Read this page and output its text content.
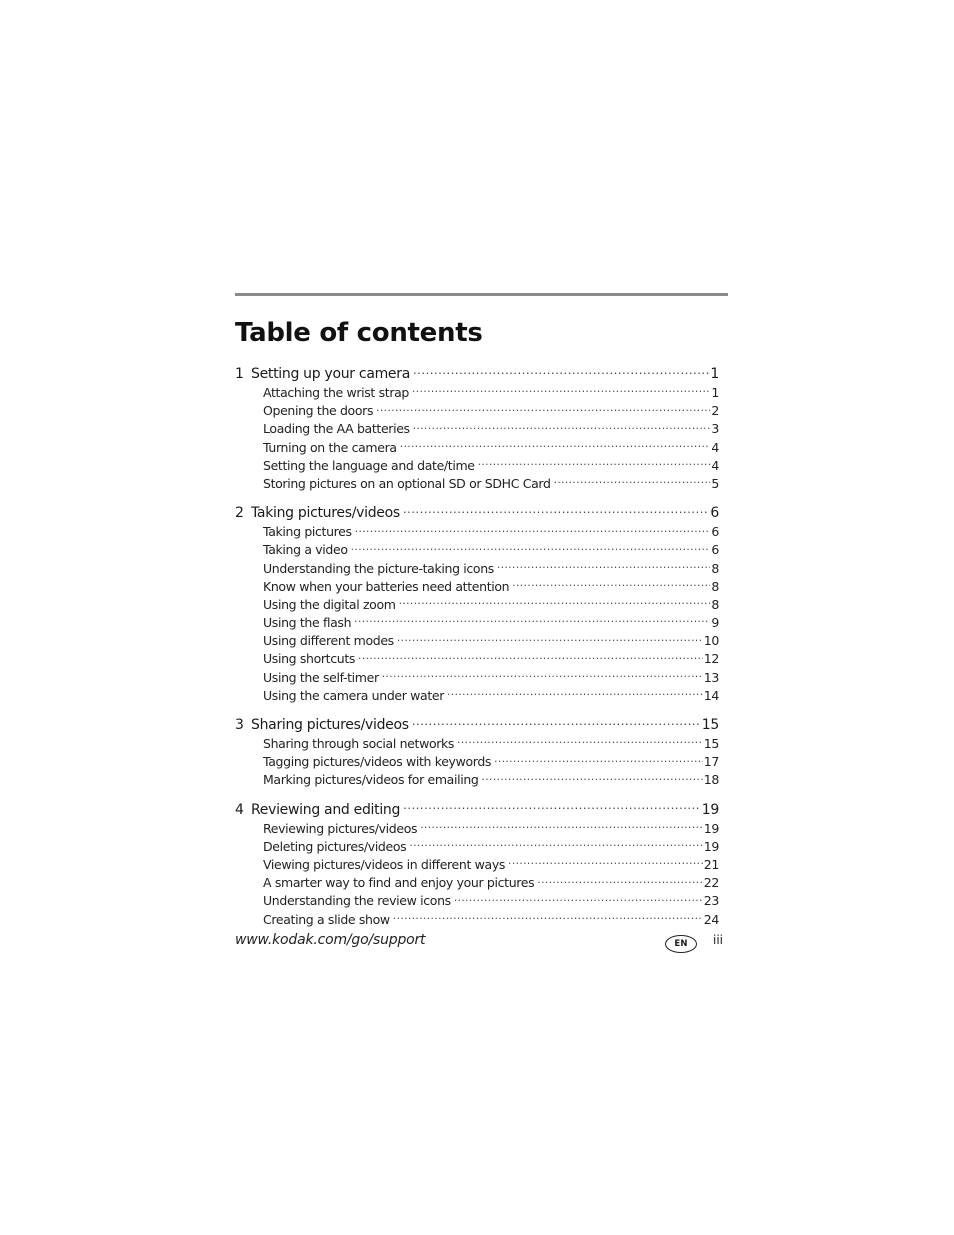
Table of contents
1 Setting up your camera .....	1
Attaching the wrist strap .....	1
Opening the doors .....	2
Loading the AA batteries .....	3
Turning on the camera .....	4
Setting the language and date/time .....	4
Storing pictures on an optional SD or SDHC Card .....	5
2 Taking pictures/videos .....	6
Taking pictures .....	6
Taking a video .....	6
Understanding the picture-taking icons .....	8
Know when your batteries need attention .....	8
Using the digital zoom .....	8
Using the flash .....	9
Using different modes .....	10
Using shortcuts .....	12
Using the self-timer .....	13
Using the camera under water .....	14
3 Sharing pictures/videos .....	15
Sharing through social networks .....	15
Tagging pictures/videos with keywords .....	17
Marking pictures/videos for emailing .....	18
4 Reviewing and editing .....	19
Reviewing pictures/videos .....	19
Deleting pictures/videos .....	19
Viewing pictures/videos in different ways .....	21
A smarter way to find and enjoy your pictures .....	22
Understanding the review icons .....	23
Creating a slide show .....	24
www.kodak.com/go/support	EN	iii
